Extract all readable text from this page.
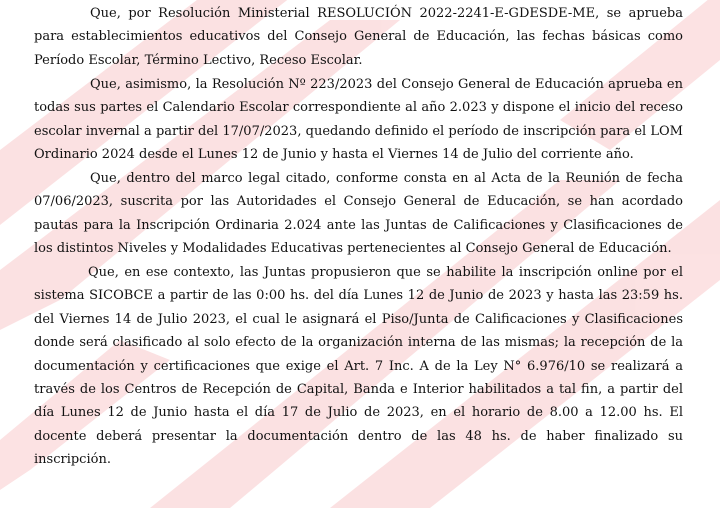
Que, por Resolución Ministerial RESOLUCIÓN 2022-2241-E-GDESDE-ME, se aprueba para establecimientos educativos del Consejo General de Educación, las fechas básicas como Período Escolar, Término Lectivo, Receso Escolar.

Que, asimismo, la Resolución Nº 223/2023 del Consejo General de Educación aprueba en todas sus partes el Calendario Escolar correspondiente al año 2.023 y dispone el inicio del receso escolar invernal a partir del 17/07/2023, quedando definido el período de inscripción para el LOM Ordinario 2024 desde el Lunes 12 de Junio y hasta el Viernes 14 de Julio del corriente año.

Que, dentro del marco legal citado, conforme consta en al Acta de la Reunión de fecha 07/06/2023, suscrita por las Autoridades el Consejo General de Educación, se han acordado pautas para la Inscripción Ordinaria 2.024 ante las Juntas de Calificaciones y Clasificaciones de los distintos Niveles y Modalidades Educativas pertenecientes al Consejo General de Educación.

Que, en ese contexto, las Juntas propusieron que se habilite la inscripción online por el sistema SICOBCE a partir de las 0:00 hs. del día Lunes 12 de Junio de 2023 y hasta las 23:59 hs. del Viernes 14 de Julio 2023, el cual le asignará el Piso/Junta de Calificaciones y Clasificaciones donde será clasificado al solo efecto de la organización interna de las mismas; la recepción de la documentación y certificaciones que exige el Art. 7 Inc. A de la Ley N° 6.976/10 se realizará a través de los Centros de Recepción de Capital, Banda e Interior habilitados a tal fin, a partir del día Lunes 12 de Junio hasta el día 17 de Julio de 2023, en el horario de 8.00 a 12.00 hs. El docente deberá presentar la documentación dentro de las 48 hs. de haber finalizado su inscripción.
